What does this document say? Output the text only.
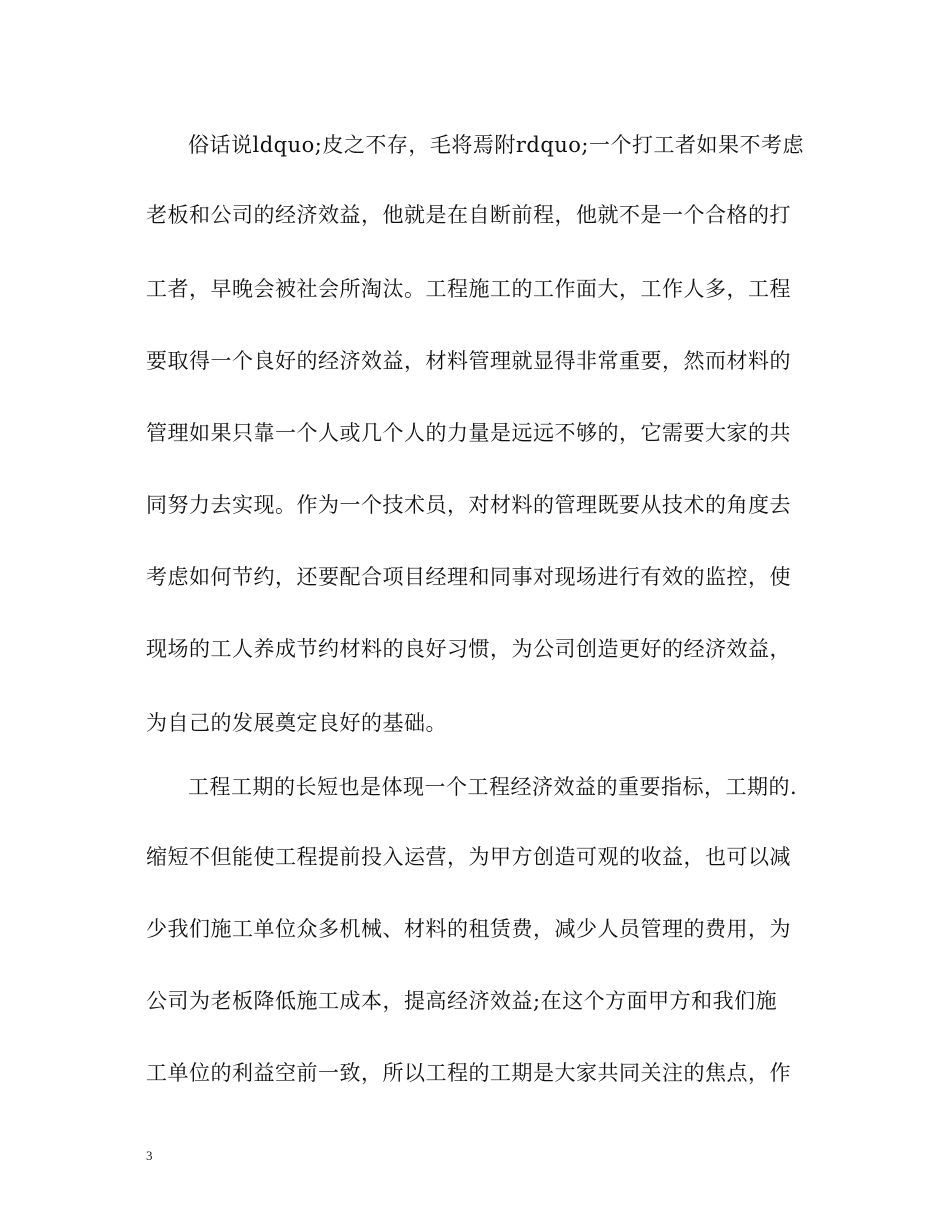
俗话说ldquo;皮之不存，毛将焉附rdquo;一个打工者如果不考虑
老板和公司的经济效益，他就是在自断前程，他就不是一个合格的打
工者，早晚会被社会所淘汰。工程施工的工作面大，工作人多，工程
要取得一个良好的经济效益，材料管理就显得非常重要，然而材料的
管理如果只靠一个人或几个人的力量是远远不够的，它需要大家的共
同努力去实现。作为一个技术员，对材料的管理既要从技术的角度去
考虑如何节约，还要配合项目经理和同事对现场进行有效的监控，使
现场的工人养成节约材料的良好习惯，为公司创造更好的经济效益，
为自己的发展奠定良好的基础。
工程工期的长短也是体现一个工程经济效益的重要指标，工期的.
缩短不但能使工程提前投入运营，为甲方创造可观的收益，也可以减
少我们施工单位众多机械、材料的租赁费，减少人员管理的费用，为
公司为老板降低施工成本，提高经济效益;在这个方面甲方和我们施
工单位的利益空前一致，所以工程的工期是大家共同关注的焦点，作
3
